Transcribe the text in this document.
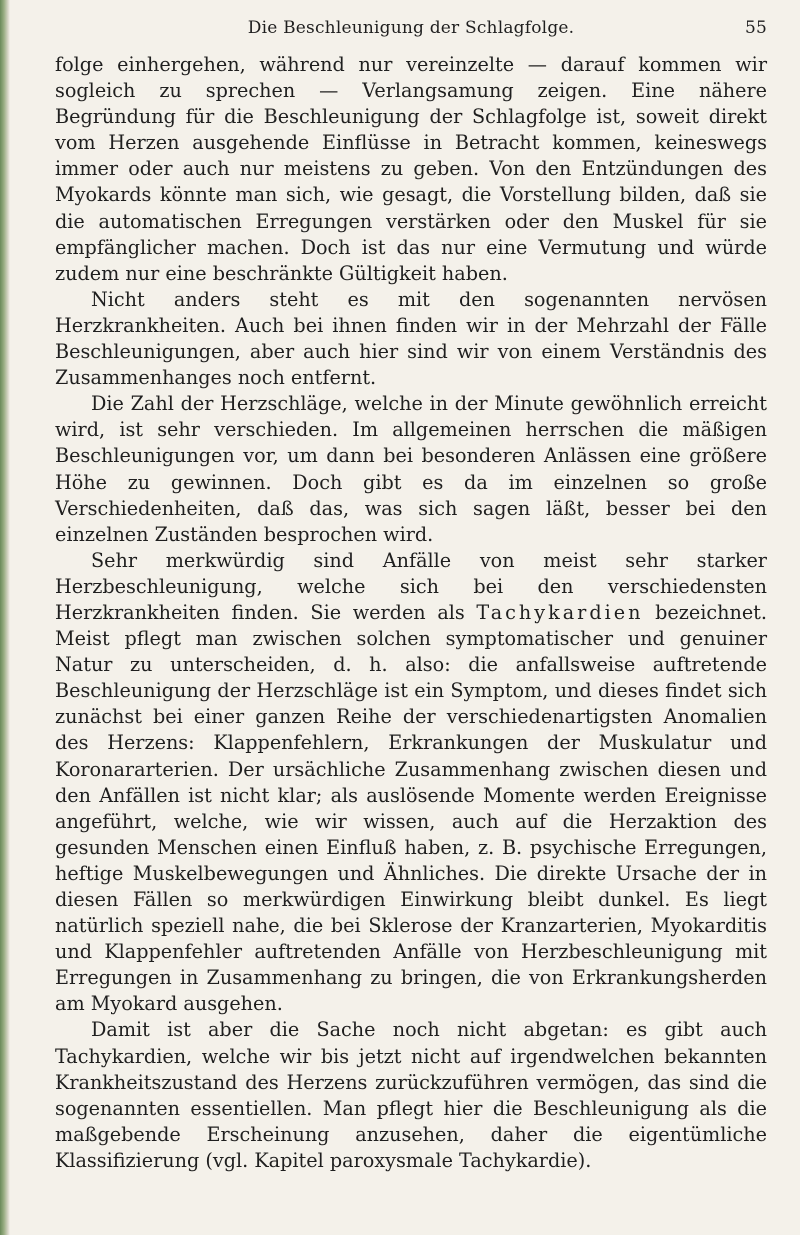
Die Beschleunigung der Schlagfolge.	55

folge einhergehen, während nur vereinzelte — darauf kommen wir sogleich zu sprechen — Verlangsamung zeigen. Eine nähere Begründung für die Beschleunigung der Schlagfolge ist, soweit direkt vom Herzen ausgehende Einflüsse in Betracht kommen, keineswegs immer oder auch nur meistens zu geben. Von den Entzündungen des Myokards könnte man sich, wie gesagt, die Vorstellung bilden, daß sie die automatischen Erregungen verstärken oder den Muskel für sie empfänglicher machen. Doch ist das nur eine Vermutung und würde zudem nur eine beschränkte Gültigkeit haben.

Nicht anders steht es mit den sogenannten nervösen Herzkrankheiten. Auch bei ihnen finden wir in der Mehrzahl der Fälle Beschleunigungen, aber auch hier sind wir von einem Verständnis des Zusammenhanges noch entfernt.

Die Zahl der Herzschläge, welche in der Minute gewöhnlich erreicht wird, ist sehr verschieden. Im allgemeinen herrschen die mäßigen Beschleunigungen vor, um dann bei besonderen Anlässen eine größere Höhe zu gewinnen. Doch gibt es da im einzelnen so große Verschiedenheiten, daß das, was sich sagen läßt, besser bei den einzelnen Zuständen besprochen wird.

Sehr merkwürdig sind Anfälle von meist sehr starker Herzbeschleunigung, welche sich bei den verschiedensten Herzkrankheiten finden. Sie werden als Tachykardien bezeichnet. Meist pflegt man zwischen solchen symptomatischer und genuiner Natur zu unterscheiden, d. h. also: die anfallsweise auftretende Beschleunigung der Herzschläge ist ein Symptom, und dieses findet sich zunächst bei einer ganzen Reihe der verschiedenartigsten Anomalien des Herzens: Klappenfehlern, Erkrankungen der Muskulatur und Koronararterien. Der ursächliche Zusammenhang zwischen diesen und den Anfällen ist nicht klar; als auslösende Momente werden Ereignisse angeführt, welche, wie wir wissen, auch auf die Herzaktion des gesunden Menschen einen Einfluß haben, z. B. psychische Erregungen, heftige Muskelbewegungen und Ähnliches. Die direkte Ursache der in diesen Fällen so merkwürdigen Einwirkung bleibt dunkel. Es liegt natürlich speziell nahe, die bei Sklerose der Kranzarterien, Myokarditis und Klappenfehler auftretenden Anfälle von Herzbeschleunigung mit Erregungen in Zusammenhang zu bringen, die von Erkrankungsherden am Myokard ausgehen.

Damit ist aber die Sache noch nicht abgetan: es gibt auch Tachykardien, welche wir bis jetzt nicht auf irgendwelchen bekannten Krankheitszustand des Herzens zurückzuführen vermögen, das sind die sogenannten essentiellen. Man pflegt hier die Beschleunigung als die maßgebende Erscheinung anzusehen, daher die eigentümliche Klassifizierung (vgl. Kapitel paroxysmale Tachykardie).
